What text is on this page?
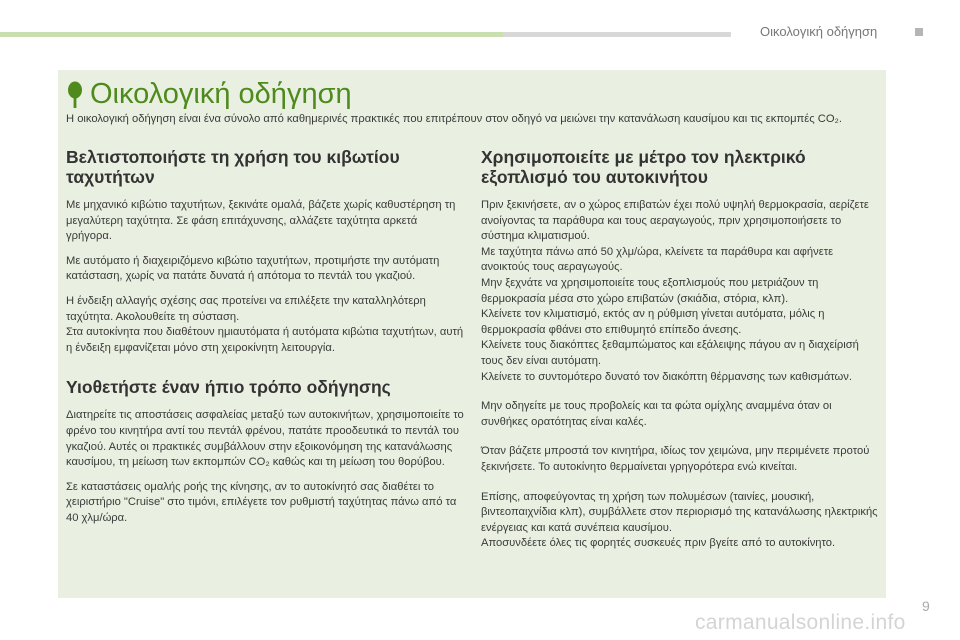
Οικολογική οδήγηση
Οικολογική οδήγηση
Η οικολογική οδήγηση είναι ένα σύνολο από καθημερινές πρακτικές που επιτρέπουν στον οδηγό να μειώνει την κατανάλωση καυσίμου και τις εκπομπές CO₂.
Βελτιστοποιήστε τη χρήση του κιβωτίου ταχυτήτων

Με μηχανικό κιβώτιο ταχυτήτων, ξεκινάτε ομαλά, βάζετε χωρίς καθυστέρηση τη μεγαλύτερη ταχύτητα. Σε φάση επιτάχυνσης, αλλάζετε ταχύτητα αρκετά γρήγορα.

Με αυτόματο ή διαχειριζόμενο κιβώτιο ταχυτήτων, προτιμήστε την αυτόματη κατάσταση, χωρίς να πατάτε δυνατά ή απότομα το πεντάλ του γκαζιού.

Η ένδειξη αλλαγής σχέσης σας προτείνει να επιλέξετε την καταλληλότερη ταχύτητα. Ακολουθείτε τη σύσταση.

Στα αυτοκίνητα που διαθέτουν ημιαυτόματα ή αυτόματα κιβώτια ταχυτήτων, αυτή η ένδειξη εμφανίζεται μόνο στη χειροκίνητη λειτουργία.

Υιοθετήστε έναν ήπιο τρόπο οδήγησης

Διατηρείτε τις αποστάσεις ασφαλείας μεταξύ των αυτοκινήτων, χρησιμοποιείτε το φρένο του κινητήρα αντί του πεντάλ φρένου, πατάτε προοδευτικά το πεντάλ του γκαζιού. Αυτές οι πρακτικές συμβάλλουν στην εξοικονόμηση της κατανάλωσης καυσίμου, τη μείωση των εκπομπών CO₂ καθώς και τη μείωση του θορύβου.

Σε καταστάσεις ομαλής ροής της κίνησης, αν το αυτοκίνητό σας διαθέτει το χειριστήριο "Cruise" στο τιμόνι, επιλέγετε τον ρυθμιστή ταχύτητας πάνω από τα 40 χλμ/ώρα.

Χρησιμοποιείτε με μέτρο τον ηλεκτρικό εξοπλισμό του αυτοκινήτου

Πριν ξεκινήσετε, αν ο χώρος επιβατών έχει πολύ υψηλή θερμοκρασία, αερίζετε ανοίγοντας τα παράθυρα και τους αεραγωγούς, πριν χρησιμοποιήσετε το σύστημα κλιματισμού.

Με ταχύτητα πάνω από 50 χλμ/ώρα, κλείνετε τα παράθυρα και αφήνετε ανοικτούς τους αεραγωγούς.

Μην ξεχνάτε να χρησιμοποιείτε τους εξοπλισμούς που μετριάζουν τη θερμοκρασία μέσα στο χώρο επιβατών (σκιάδια, στόρια, κλπ).

Κλείνετε τον κλιματισμό, εκτός αν η ρύθμιση γίνεται αυτόματα, μόλις η θερμοκρασία φθάνει στο επιθυμητό επίπεδο άνεσης.

Κλείνετε τους διακόπτες ξεθαμπώματος και εξάλειψης πάγου αν η διαχείρισή τους δεν είναι αυτόματη.

Κλείνετε το συντομότερο δυνατό τον διακόπτη θέρμανσης των καθισμάτων.

Μην οδηγείτε με τους προβολείς και τα φώτα ομίχλης αναμμένα όταν οι συνθήκες ορατότητας είναι καλές.

Όταν βάζετε μπροστά τον κινητήρα, ιδίως τον χειμώνα, μην περιμένετε προτού ξεκινήσετε. Το αυτοκίνητο θερμαίνεται γρηγορότερα ενώ κινείται.

Επίσης, αποφεύγοντας τη χρήση των πολυμέσων (ταινίες, μουσική, βιντεοπαιχνίδια κλπ), συμβάλλετε στον περιορισμό της κατανάλωσης ηλεκτρικής ενέργειας και κατά συνέπεια καυσίμου.

Αποσυνδέετε όλες τις φορητές συσκευές πριν βγείτε από το αυτοκίνητο.

9
carmanualsonline.info
